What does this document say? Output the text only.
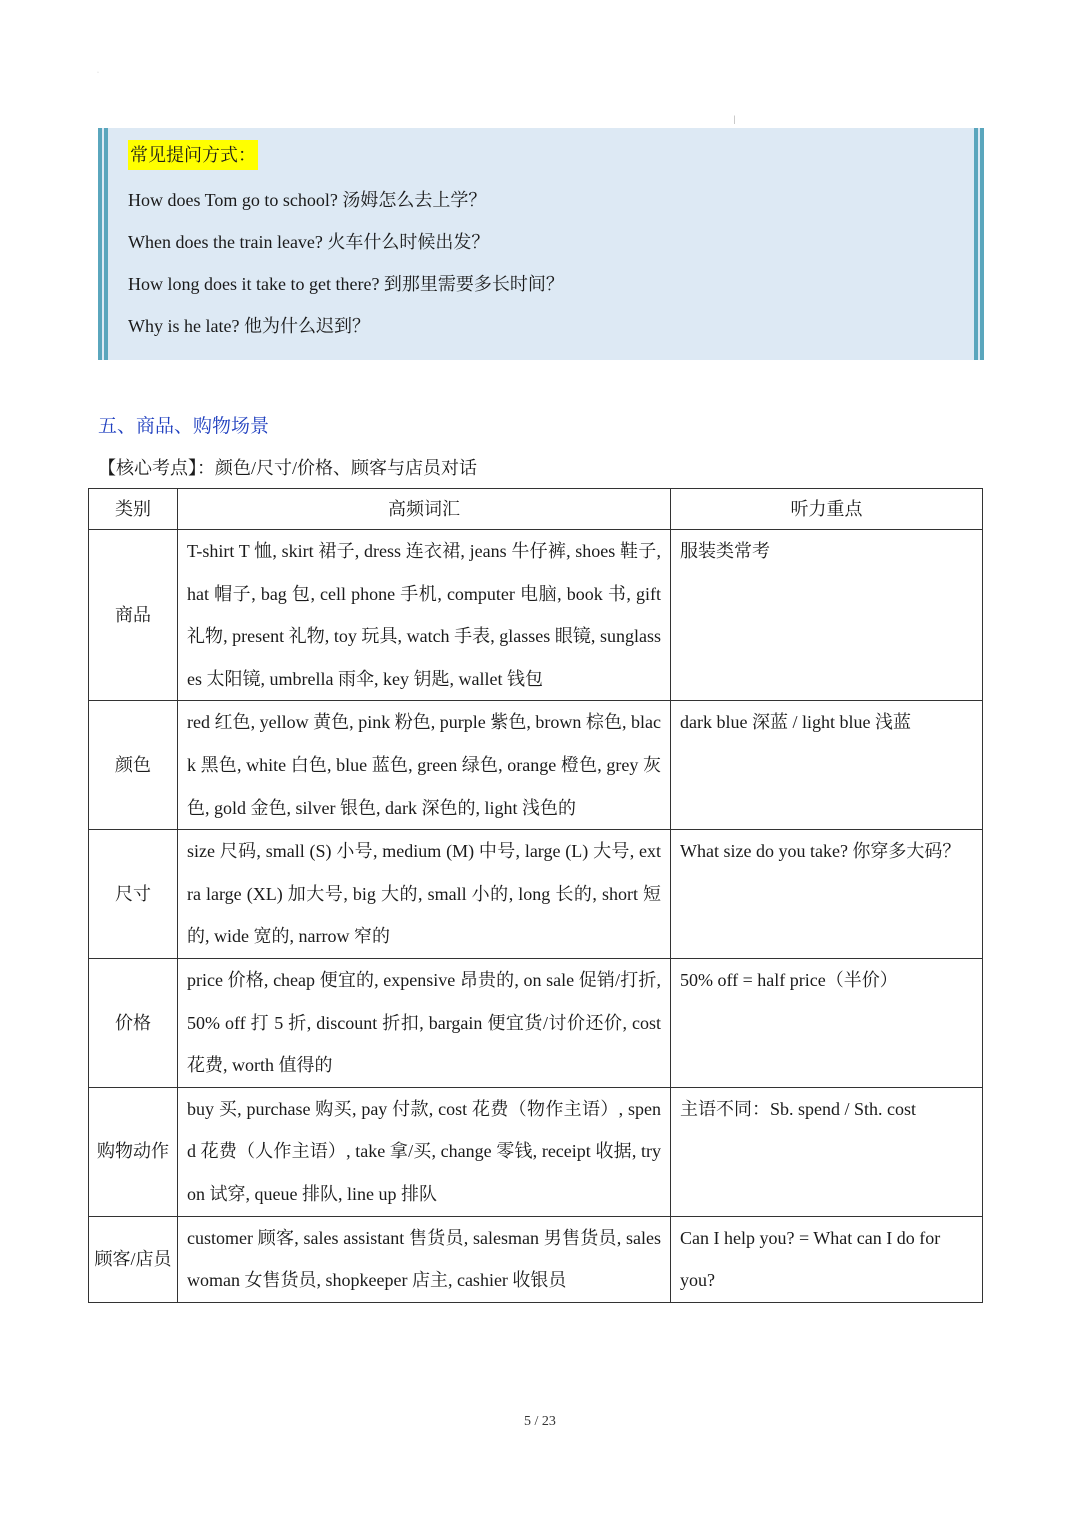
·
│
常见提问方式：
How does Tom go to school? 汤姆怎么去上学？
When does the train leave? 火车什么时候出发？
How long does it take to get there? 到那里需要多长时间？
Why is he late? 他为什么迟到？
五、商品、购物场景
【核心考点】：颜色/尺寸/价格、顾客与店员对话
类别	高频词汇	听力重点
商品	T-shirt T 恤, skirt 裙子, dress 连衣裙, jeans 牛仔裤, shoes 鞋子, hat 帽子, bag 包, cell phone 手机, computer 电脑, book 书, gift 礼物, present 礼物, toy 玩具, watch 手表, glasses 眼镜, sunglasses 太阳镜, umbrella 雨伞, key 钥匙, wallet 钱包	服装类常考
颜色	red 红色, yellow 黄色, pink 粉色, purple 紫色, brown 棕色, black 黑色, white 白色, blue 蓝色, green 绿色, orange 橙色, grey 灰色, gold 金色, silver 银色, dark 深色的, light 浅色的	dark blue 深蓝 / light blue 浅蓝
尺寸	size 尺码, small (S) 小号, medium (M) 中号, large (L) 大号, extra large (XL) 加大号, big 大的, small 小的, long 长的, short 短的, wide 宽的, narrow 窄的	What size do you take? 你穿多大码？
价格	price 价格, cheap 便宜的, expensive 昂贵的, on sale 促销/打折, 50% off 打 5 折, discount 折扣, bargain 便宜货/讨价还价, cost 花费, worth 值得的	50% off = half price（半价）
购物动作	buy 买, purchase 购买, pay 付款, cost 花费（物作主语）, spend 花费（人作主语）, take 拿/买, change 零钱, receipt 收据, try on 试穿, queue 排队, line up 排队	主语不同：Sb. spend / Sth. cost
顾客/店员	customer 顾客, sales assistant 售货员, salesman 男售货员, saleswoman 女售货员, shopkeeper 店主, cashier 收银员	Can I help you? = What can I do for you?
5 / 23
